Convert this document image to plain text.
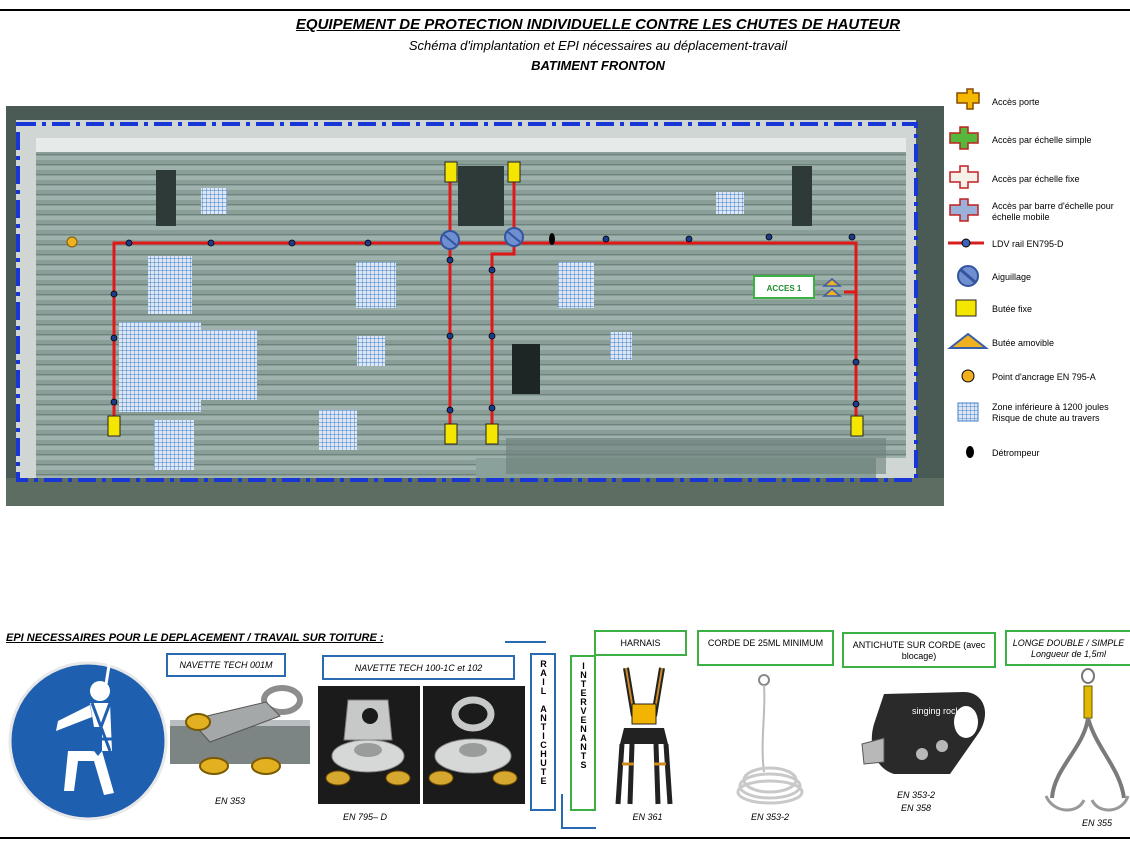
EQUIPEMENT DE PROTECTION INDIVIDUELLE CONTRE LES CHUTES DE HAUTEUR
Schéma d'implantation et EPI nécessaires au déplacement-travail
BATIMENT FRONTON
ACCES 1
Accès porte
Accès par échelle simple
Accès par échelle fixe
Accès par barre d'échelle pour échelle mobile
LDV rail EN795-D
Aiguillage
Butée fixe
Butée amovible
Point d'ancrage EN 795-A
Zone inférieure à 1200 joules
Risque de chute au travers
Détrompeur
EPI NECESSAIRES POUR LE DEPLACEMENT / TRAVAIL SUR TOITURE :
NAVETTE TECH 001M
EN 353
NAVETTE TECH 100-1C et 102
EN 795– D
RAIL ANTICHUTE	INTERVENANTS
HARNAIS
EN 361
CORDE DE 25ML MINIMUM
EN 353-2
ANTICHUTE SUR CORDE (avec blocage)
singing rock
EN 353-2
EN 358
LONGE DOUBLE / SIMPLE
Longueur de 1,5ml
EN 355
